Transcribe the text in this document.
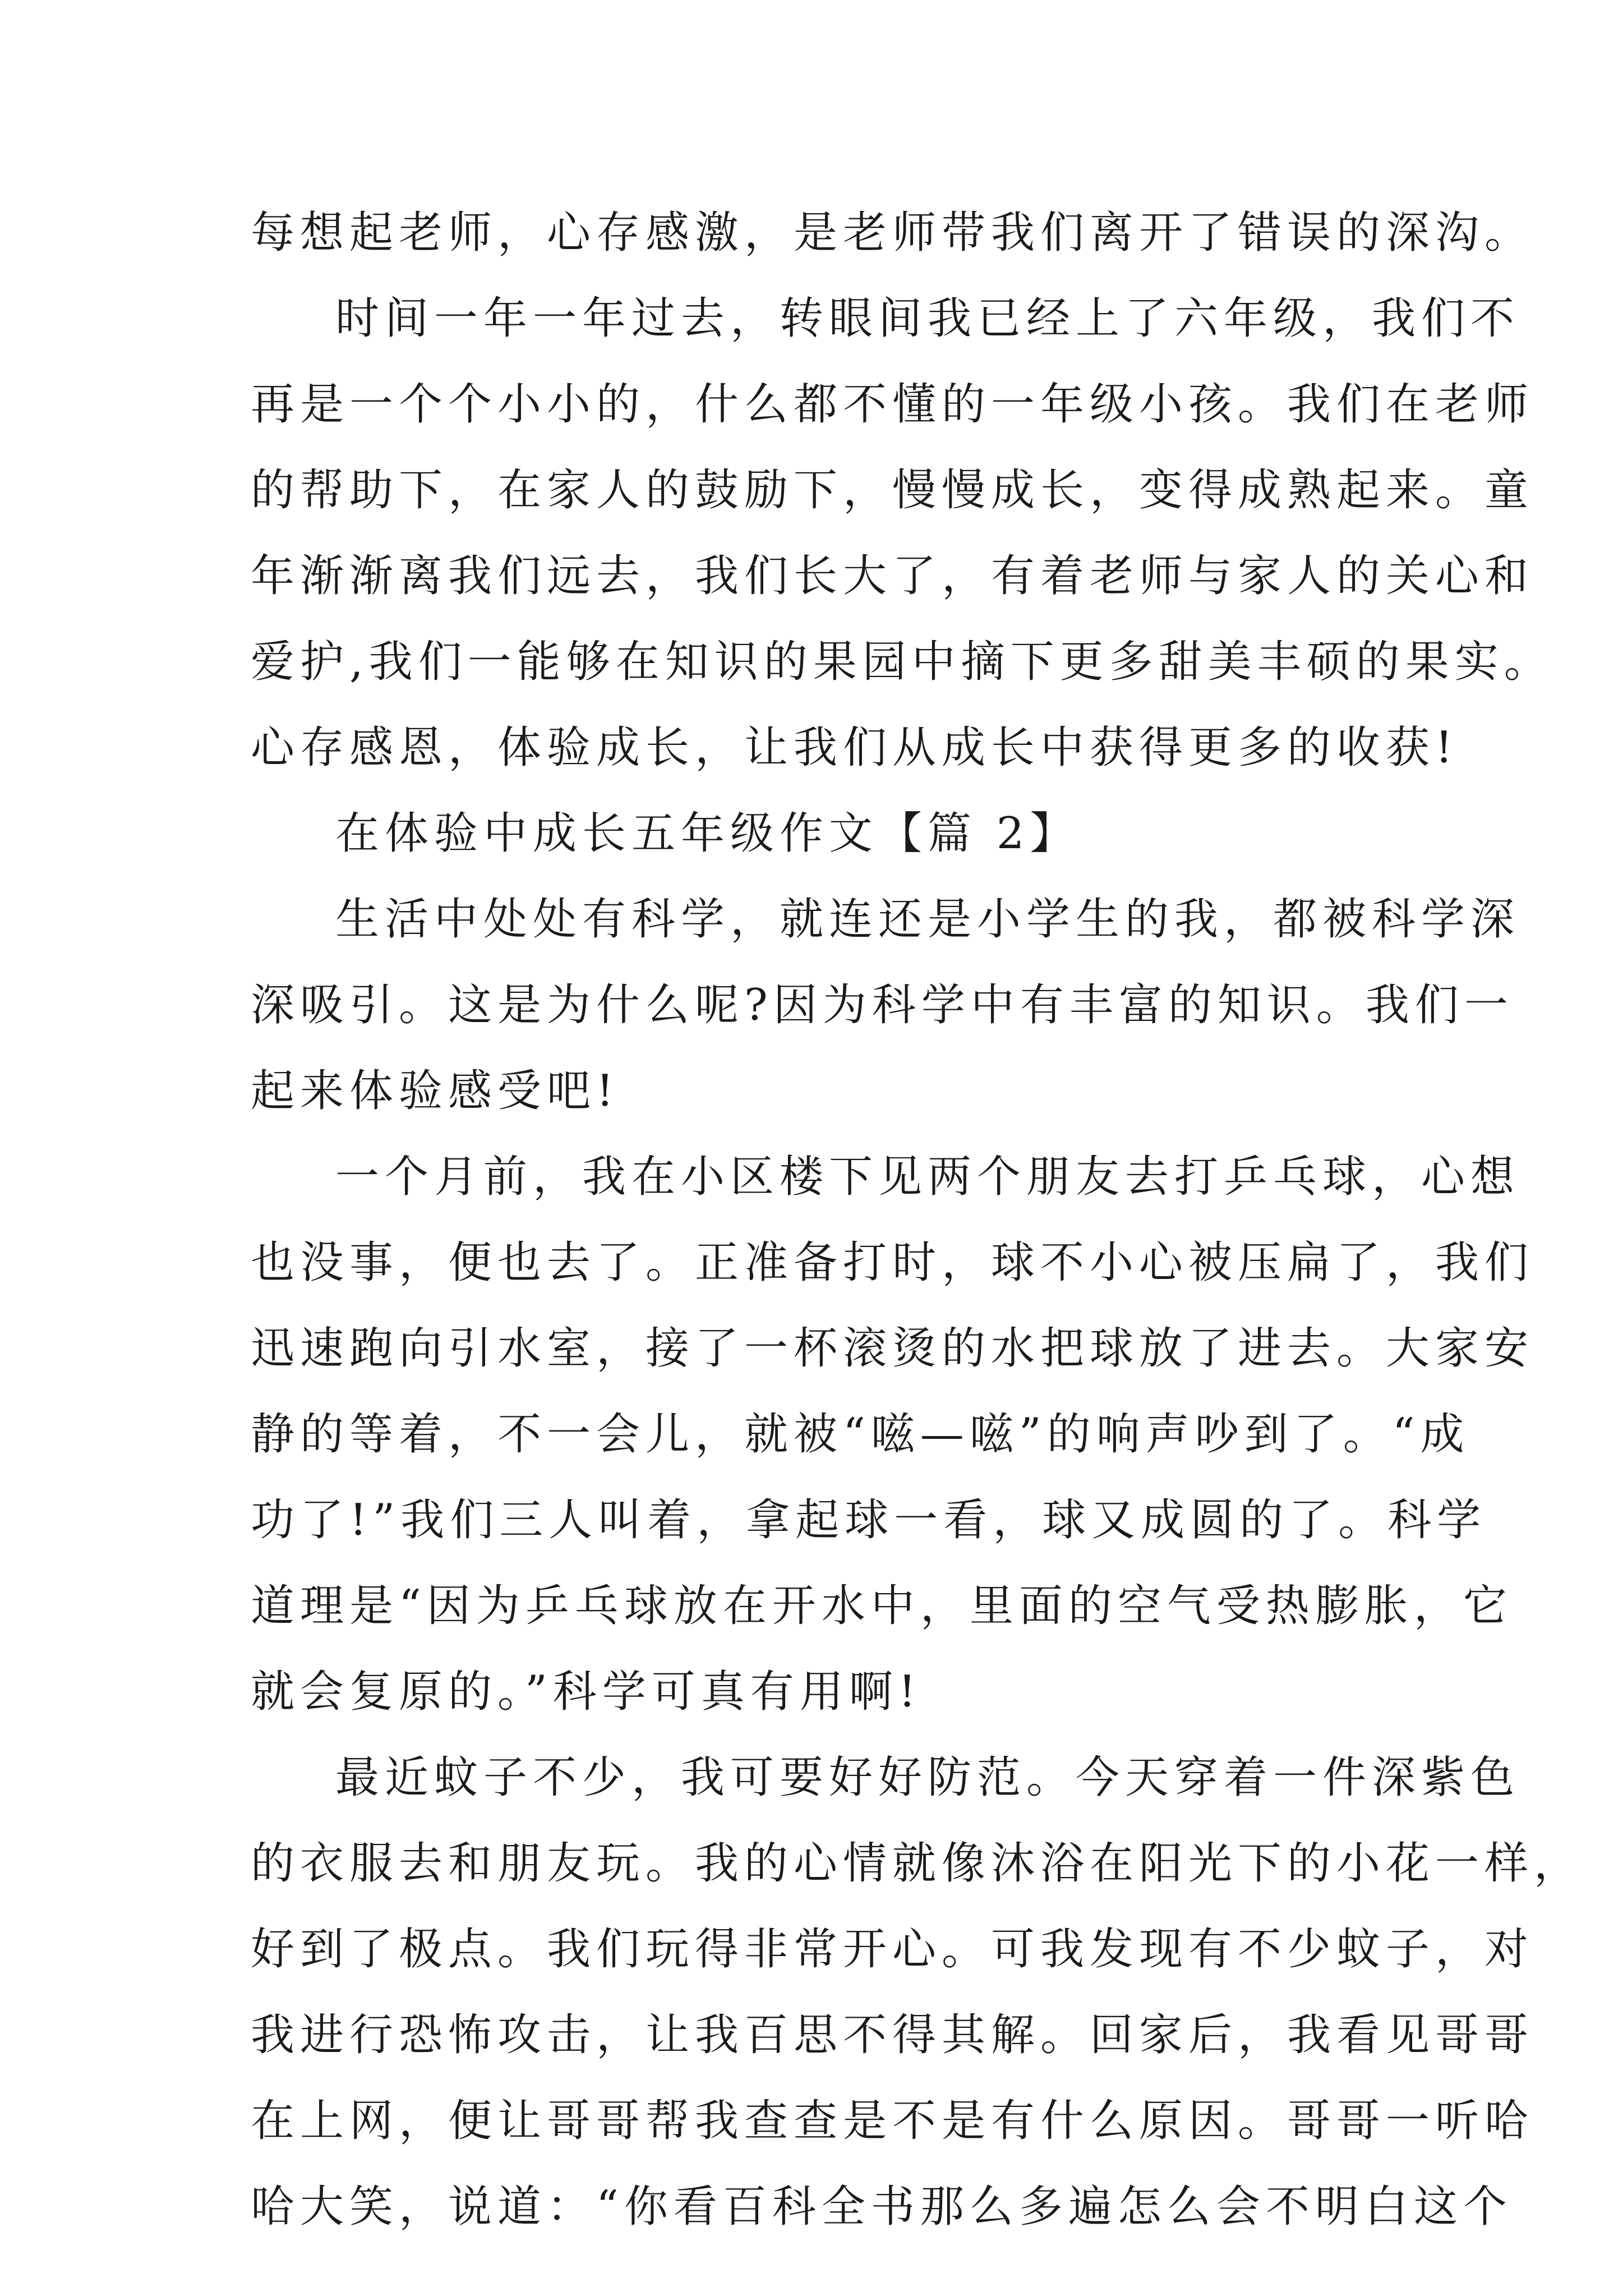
每想起老师，心存感激，是老师带我们离开了错误的深沟。
时间一年一年过去，转眼间我已经上了六年级，我们不
再是一个个小小的，什么都不懂的一年级小孩。我们在老师
的帮助下，在家人的鼓励下，慢慢成长，变得成熟起来。童
年渐渐离我们远去，我们长大了，有着老师与家人的关心和
爱护,我们一能够在知识的果园中摘下更多甜美丰硕的果实。
心存感恩，体验成长，让我们从成长中获得更多的收获!
在体验中成长五年级作文【篇 2】
生活中处处有科学，就连还是小学生的我，都被科学深
深吸引。这是为什么呢?因为科学中有丰富的知识。我们一
起来体验感受吧!
一个月前，我在小区楼下见两个朋友去打乒乓球，心想
也没事，便也去了。正准备打时，球不小心被压扁了，我们
迅速跑向引水室，接了一杯滚烫的水把球放了进去。大家安
静的等着，不一会儿，就被“嗞—嗞”的响声吵到了。“成
功了!”我们三人叫着，拿起球一看，球又成圆的了。科学
道理是“因为乒乓球放在开水中，里面的空气受热膨胀，它
就会复原的。”科学可真有用啊!
最近蚊子不少，我可要好好防范。今天穿着一件深紫色
的衣服去和朋友玩。我的心情就像沐浴在阳光下的小花一样，
好到了极点。我们玩得非常开心。可我发现有不少蚊子，对
我进行恐怖攻击，让我百思不得其解。回家后，我看见哥哥
在上网，便让哥哥帮我查查是不是有什么原因。哥哥一听哈
哈大笑，说道：“你看百科全书那么多遍怎么会不明白这个
